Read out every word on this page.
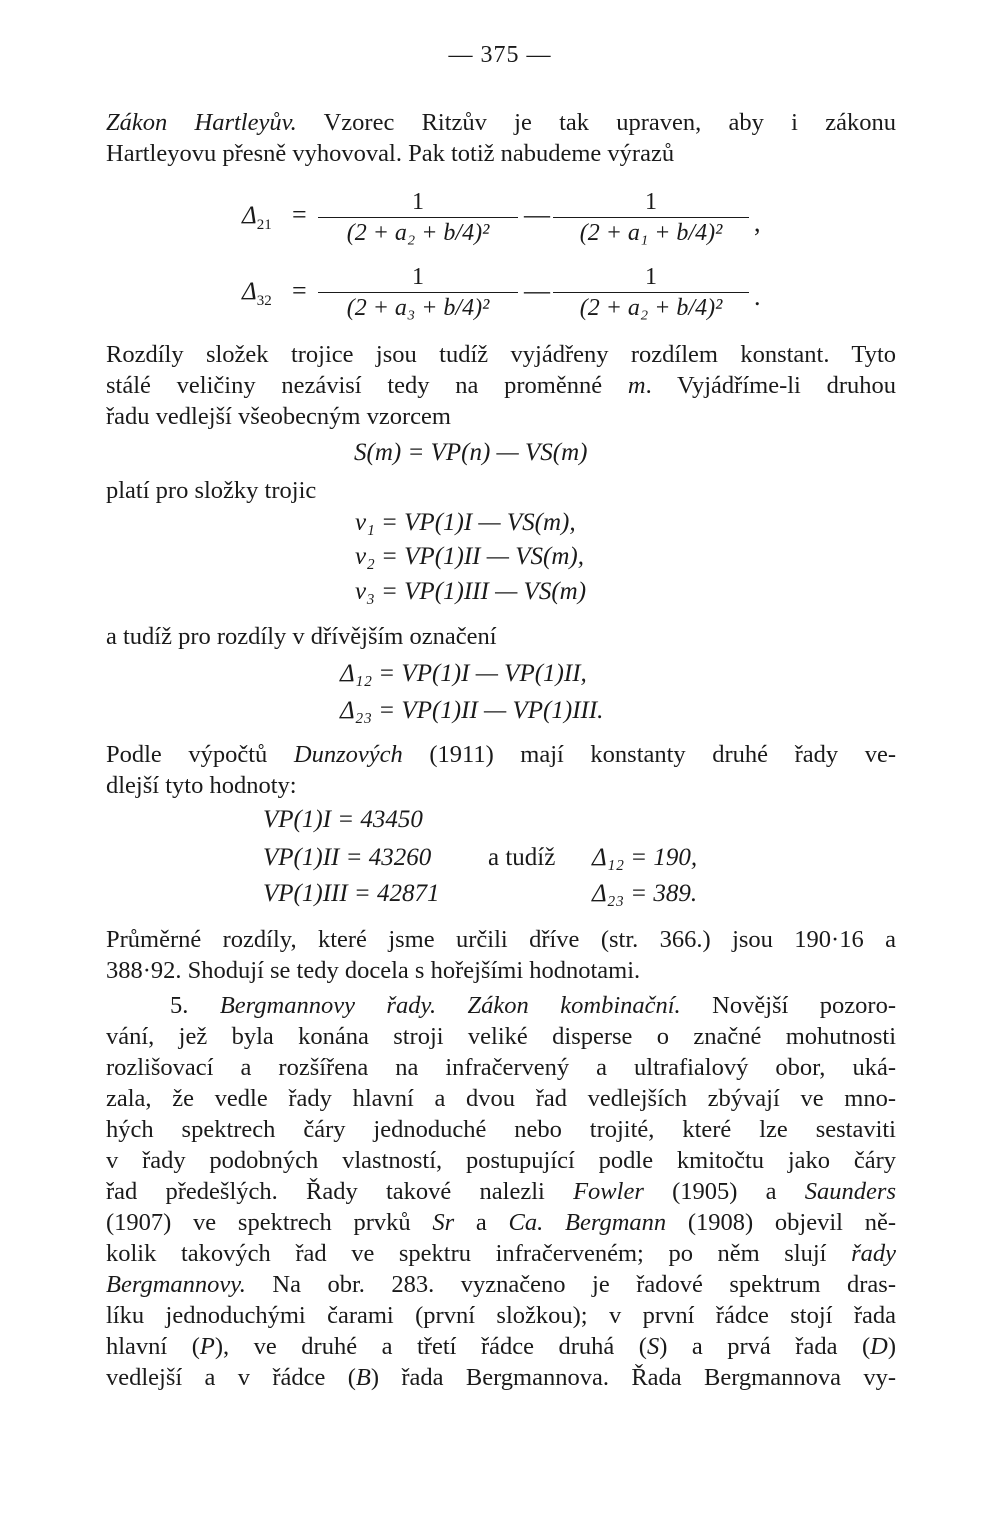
— 375 —
Zákon Hartleyův. Vzorec Ritzův je tak upraven, aby i zákonu
Hartleyovu přesně vyhovoval. Pak totiž nabudeme výrazů
$\Delta_{21} = \frac{1}{\text{(2 + a₂ + b/4)²}}$ — $\frac{1}{\text{(2 + a₁ + b/4)²}}$ ,
$\Delta_{32} = \frac{1}{\text{(2 + a₃ + b/4)²}}$ — $\frac{1}{\text{(2 + a₂ + b/4)²}}$ .
Rozdíly složek trojice jsou tudíž vyjádřeny rozdílem konstant. Tyto
stálé veličiny nezávisí tedy na proměnné m. Vyjádříme-li druhou
řadu vedlejší všeobecným vzorcem
S(m) = VP(n) — VS(m)
platí pro složky trojic
ν₁ = VP(1)I — VS(m),
ν₂ = VP(1)II — VS(m),
ν₃ = VP(1)III — VS(m)
a tudíž pro rozdíly v dřívějším označení
Δ₁₂ = VP(1)I — VP(1)II,
Δ₂₃ = VP(1)II — VP(1)III.
Podle výpočtů Dunzových (1911) mají konstanty druhé řady ve-
dlejší tyto hodnoty:
VP(1)I = 43450
VP(1)II = 43260
VP(1)III = 42871
a tudíž Δ₁₂ = 190,
Δ₂₃ = 389.
Průměrné rozdíly, které jsme určili dříve (str. 366.) jsou 190·16 a
388·92. Shodují se tedy docela s hořejšími hodnotami.
5. Bergmannovy řady. Zákon kombinační. Novější pozoro-
vání, jež byla konána stroji veliké disperse o značné mohutnosti
rozlišovací a rozšířena na infračervený a ultrafialový obor, uká-
zala, že vedle řady hlavní a dvou řad vedlejších zbývají ve mno-
hých spektrech čáry jednoduché nebo trojité, které lze sestaviti
v řady podobných vlastností, postupující podle kmitočtu jako čáry
řad předešlých. Řady takové nalezli Fowler (1905) a Saunders
(1907) ve spektrech prvků Sr a Ca. Bergmann (1908) objevil ně-
kolik takových řad ve spektru infračerveném; po něm slují řady
Bergmannovy. Na obr. 283. vyznačeno je řadové spektrum dras-
líku jednoduchými čarami (první složkou); v první řádce stojí řada
hlavní (P), ve druhé a třetí řádce druhá (S) a prvá řada (D)
vedlejší a v řádce (B) řada Bergmannova. Řada Bergmannova vy-
